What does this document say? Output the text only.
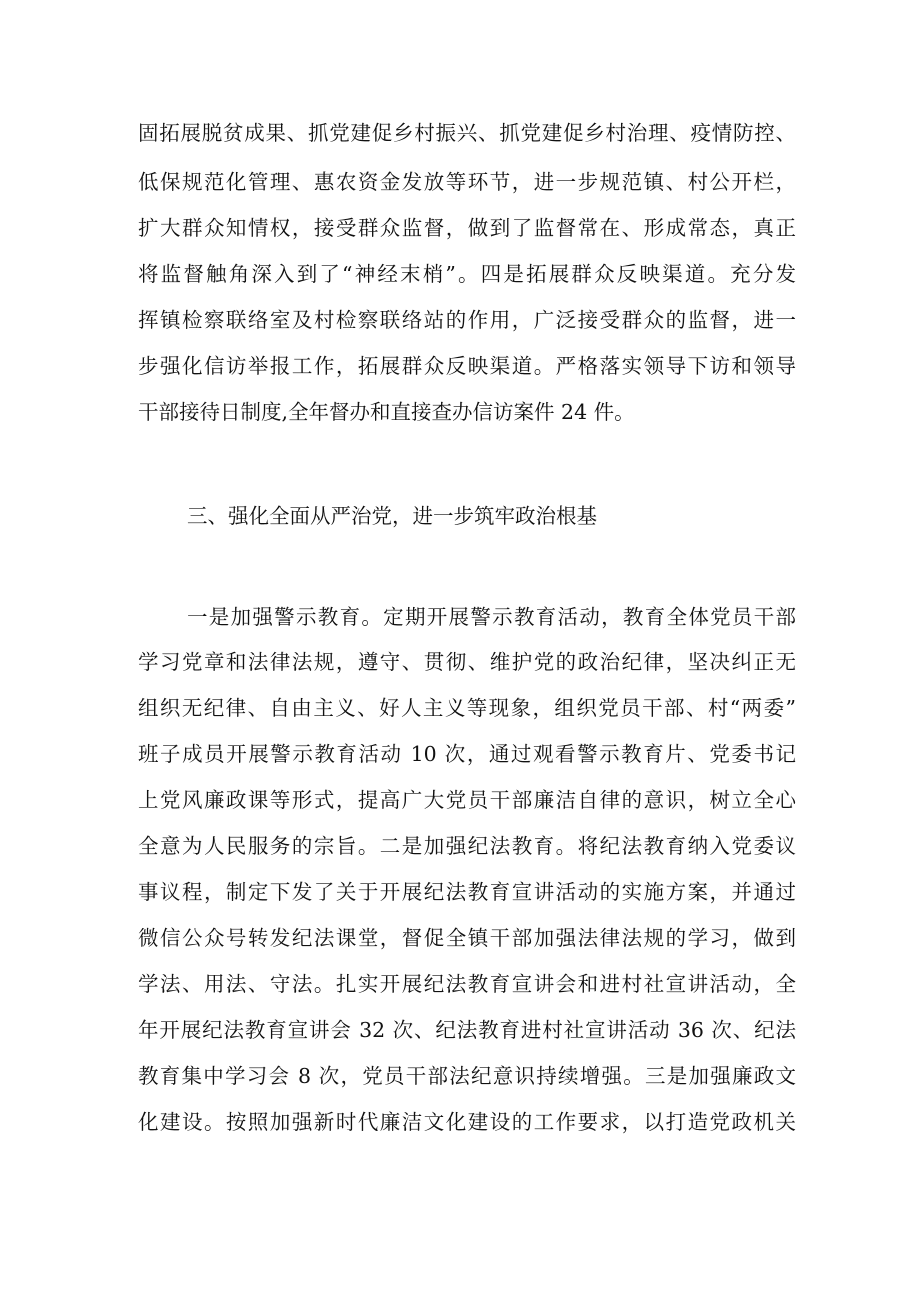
固拓展脱贫成果、抓党建促乡村振兴、抓党建促乡村治理、疫情防控、
低保规范化管理、惠农资金发放等环节，进一步规范镇、村公开栏，
扩大群众知情权，接受群众监督，做到了监督常在、形成常态，真正
将监督触角深入到了“神经末梢”。四是拓展群众反映渠道。充分发
挥镇检察联络室及村检察联络站的作用，广泛接受群众的监督，进一
步强化信访举报工作，拓展群众反映渠道。严格落实领导下访和领导
干部接待日制度,全年督办和直接查办信访案件 24 件。
三、强化全面从严治党，进一步筑牢政治根基
一是加强警示教育。定期开展警示教育活动，教育全体党员干部
学习党章和法律法规，遵守、贯彻、维护党的政治纪律，坚决纠正无
组织无纪律、自由主义、好人主义等现象，组织党员干部、村“两委”
班子成员开展警示教育活动 10 次，通过观看警示教育片、党委书记
上党风廉政课等形式，提高广大党员干部廉洁自律的意识，树立全心
全意为人民服务的宗旨。二是加强纪法教育。将纪法教育纳入党委议
事议程，制定下发了关于开展纪法教育宣讲活动的实施方案，并通过
微信公众号转发纪法课堂，督促全镇干部加强法律法规的学习，做到
学法、用法、守法。扎实开展纪法教育宣讲会和进村社宣讲活动，全
年开展纪法教育宣讲会 32 次、纪法教育进村社宣讲活动 36 次、纪法
教育集中学习会 8 次，党员干部法纪意识持续增强。三是加强廉政文
化建设。按照加强新时代廉洁文化建设的工作要求，以打造党政机关
